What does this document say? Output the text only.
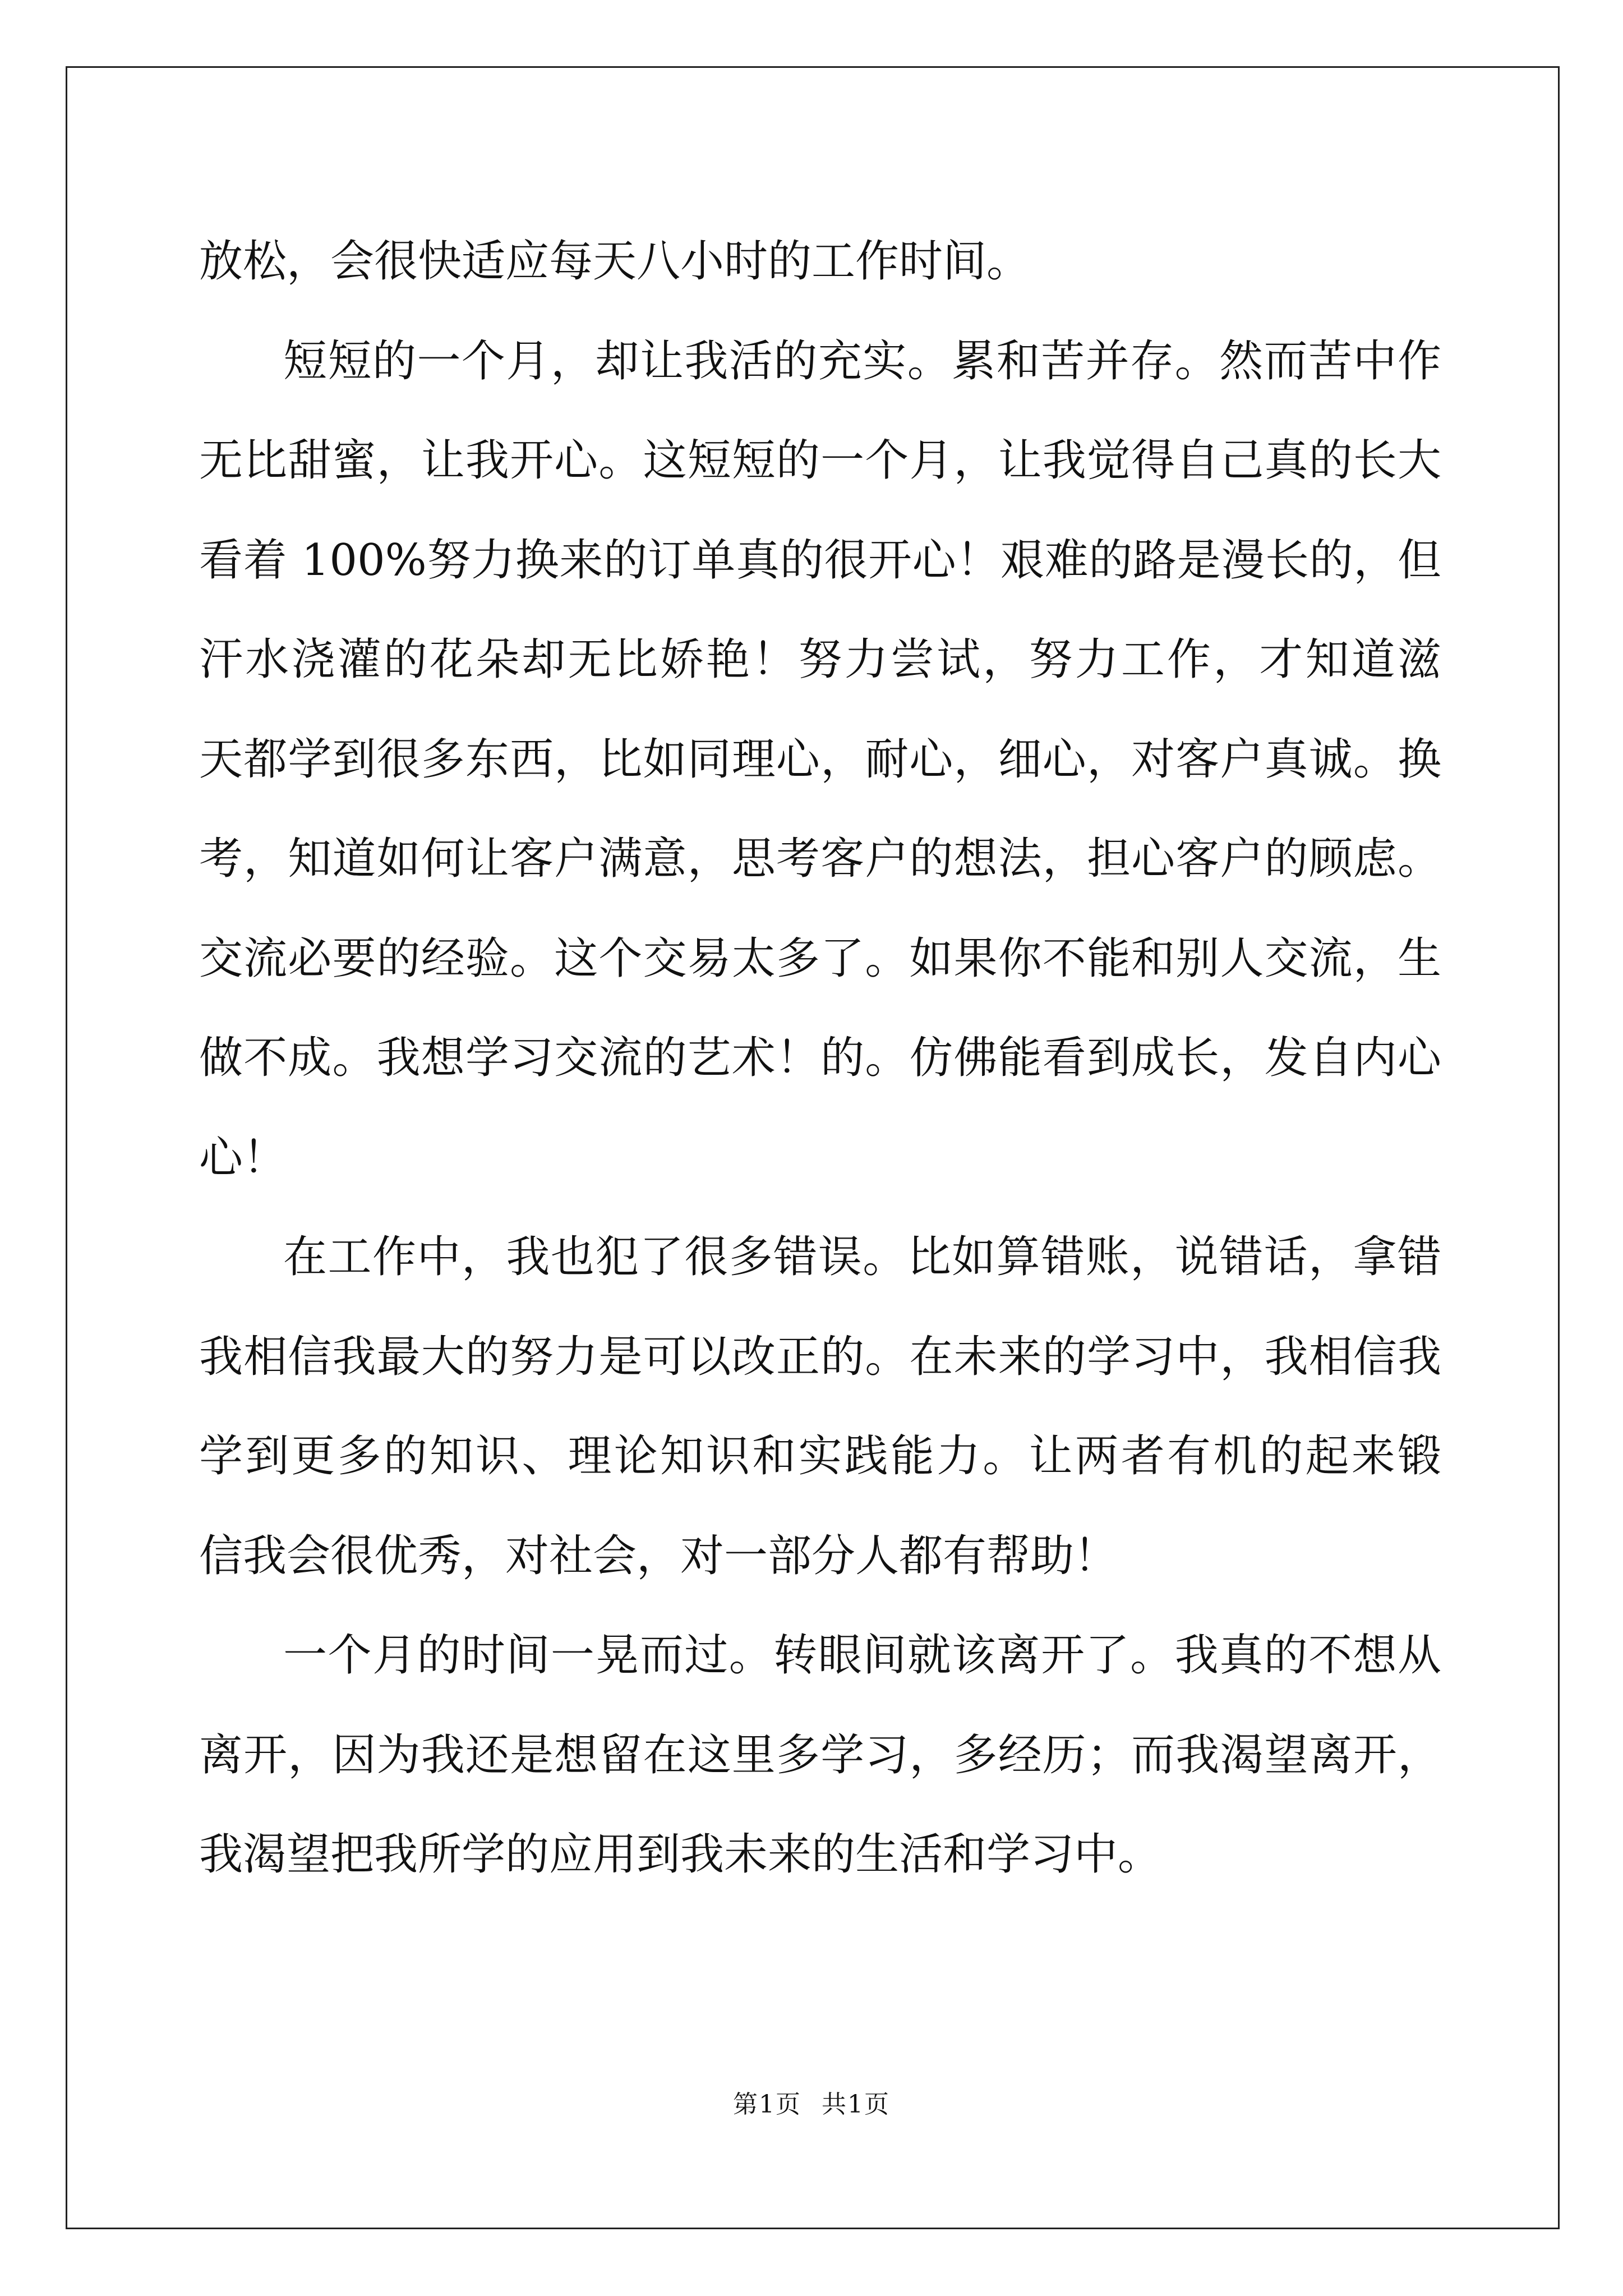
放松，会很快适应每天八小时的工作时间。
短短的一个月，却让我活的充实。累和苦并存。然而苦中作
无比甜蜜，让我开心。这短短的一个月，让我觉得自己真的长大
看着 100%努力换来的订单真的很开心！艰难的路是漫长的，但
汗水浇灌的花朵却无比娇艳！努力尝试，努力工作，才知道滋
天都学到很多东西，比如同理心，耐心，细心，对客户真诚。换
考，知道如何让客户满意，思考客户的想法，担心客户的顾虑。
交流必要的经验。这个交易太多了。如果你不能和别人交流，生
做不成。我想学习交流的艺术！的。仿佛能看到成长，发自内心
心！
在工作中，我也犯了很多错误。比如算错账，说错话，拿错
我相信我最大的努力是可以改正的。在未来的学习中，我相信我
学到更多的知识、理论知识和实践能力。让两者有机的起来锻
信我会很优秀，对社会，对一部分人都有帮助！
一个月的时间一晃而过。转眼间就该离开了。我真的不想从
离开，因为我还是想留在这里多学习，多经历；而我渴望离开，
我渴望把我所学的应用到我未来的生活和学习中。
第1页 共1页
